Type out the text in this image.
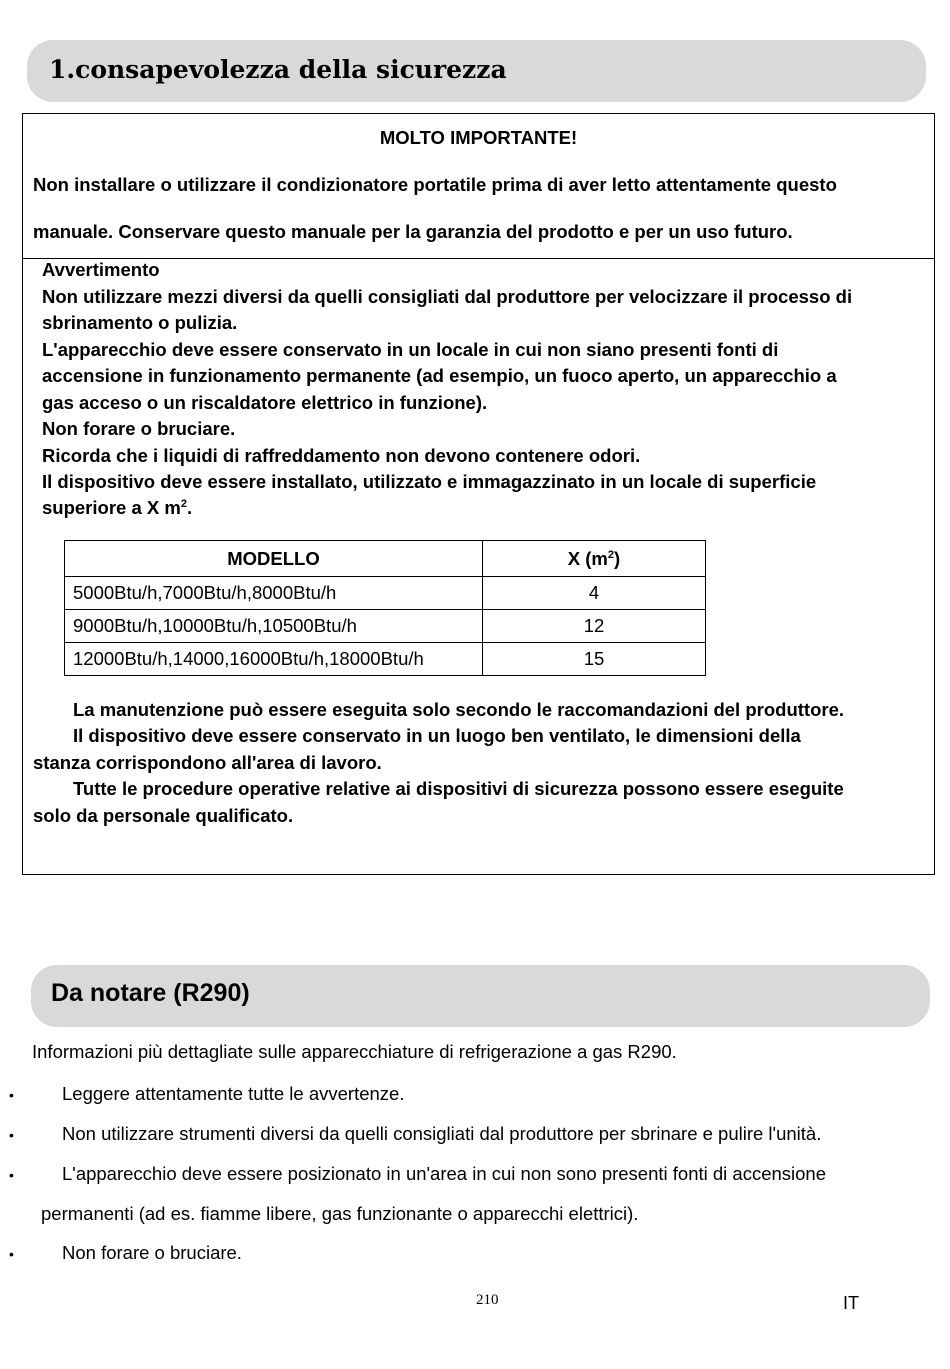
1.consapevolezza della sicurezza
MOLTO IMPORTANTE!
Non installare o utilizzare il condizionatore portatile prima di aver letto attentamente questo
manuale. Conservare questo manuale per la garanzia del prodotto e per un uso futuro.
Avvertimento
Non utilizzare mezzi diversi da quelli consigliati dal produttore per velocizzare il processo di
sbrinamento o pulizia.
L'apparecchio deve essere conservato in un locale in cui non siano presenti fonti di
accensione in funzionamento permanente (ad esempio, un fuoco aperto, un apparecchio a
gas acceso o un riscaldatore elettrico in funzione).
Non forare o bruciare.
Ricorda che i liquidi di raffreddamento non devono contenere odori.
Il dispositivo deve essere installato, utilizzato e immagazzinato in un locale di superficie
superiore a X $m^2$.
MODELLO	X $(m^2)$
5000Btu/h,7000Btu/h,8000Btu/h	4
9000Btu/h,10000Btu/h,10500Btu/h	12
12000Btu/h,14000,16000Btu/h,18000Btu/h	15
La manutenzione può essere eseguita solo secondo le raccomandazioni del produttore.
Il dispositivo deve essere conservato in un luogo ben ventilato, le dimensioni della
stanza corrispondono all'area di lavoro.
Tutte le procedure operative relative ai dispositivi di sicurezza possono essere eseguite
solo da personale qualificato.
Da notare (R290)
Informazioni più dettagliate sulle apparecchiature di refrigerazione a gas R290.
•	Leggere attentamente tutte le avvertenze.
•	Non utilizzare strumenti diversi da quelli consigliati dal produttore per sbrinare e pulire l'unità.
•	L'apparecchio deve essere posizionato in un'area in cui non sono presenti fonti di accensione
permanenti (ad es. fiamme libere, gas funzionante o apparecchi elettrici).
•	Non forare o bruciare.
210	IT
